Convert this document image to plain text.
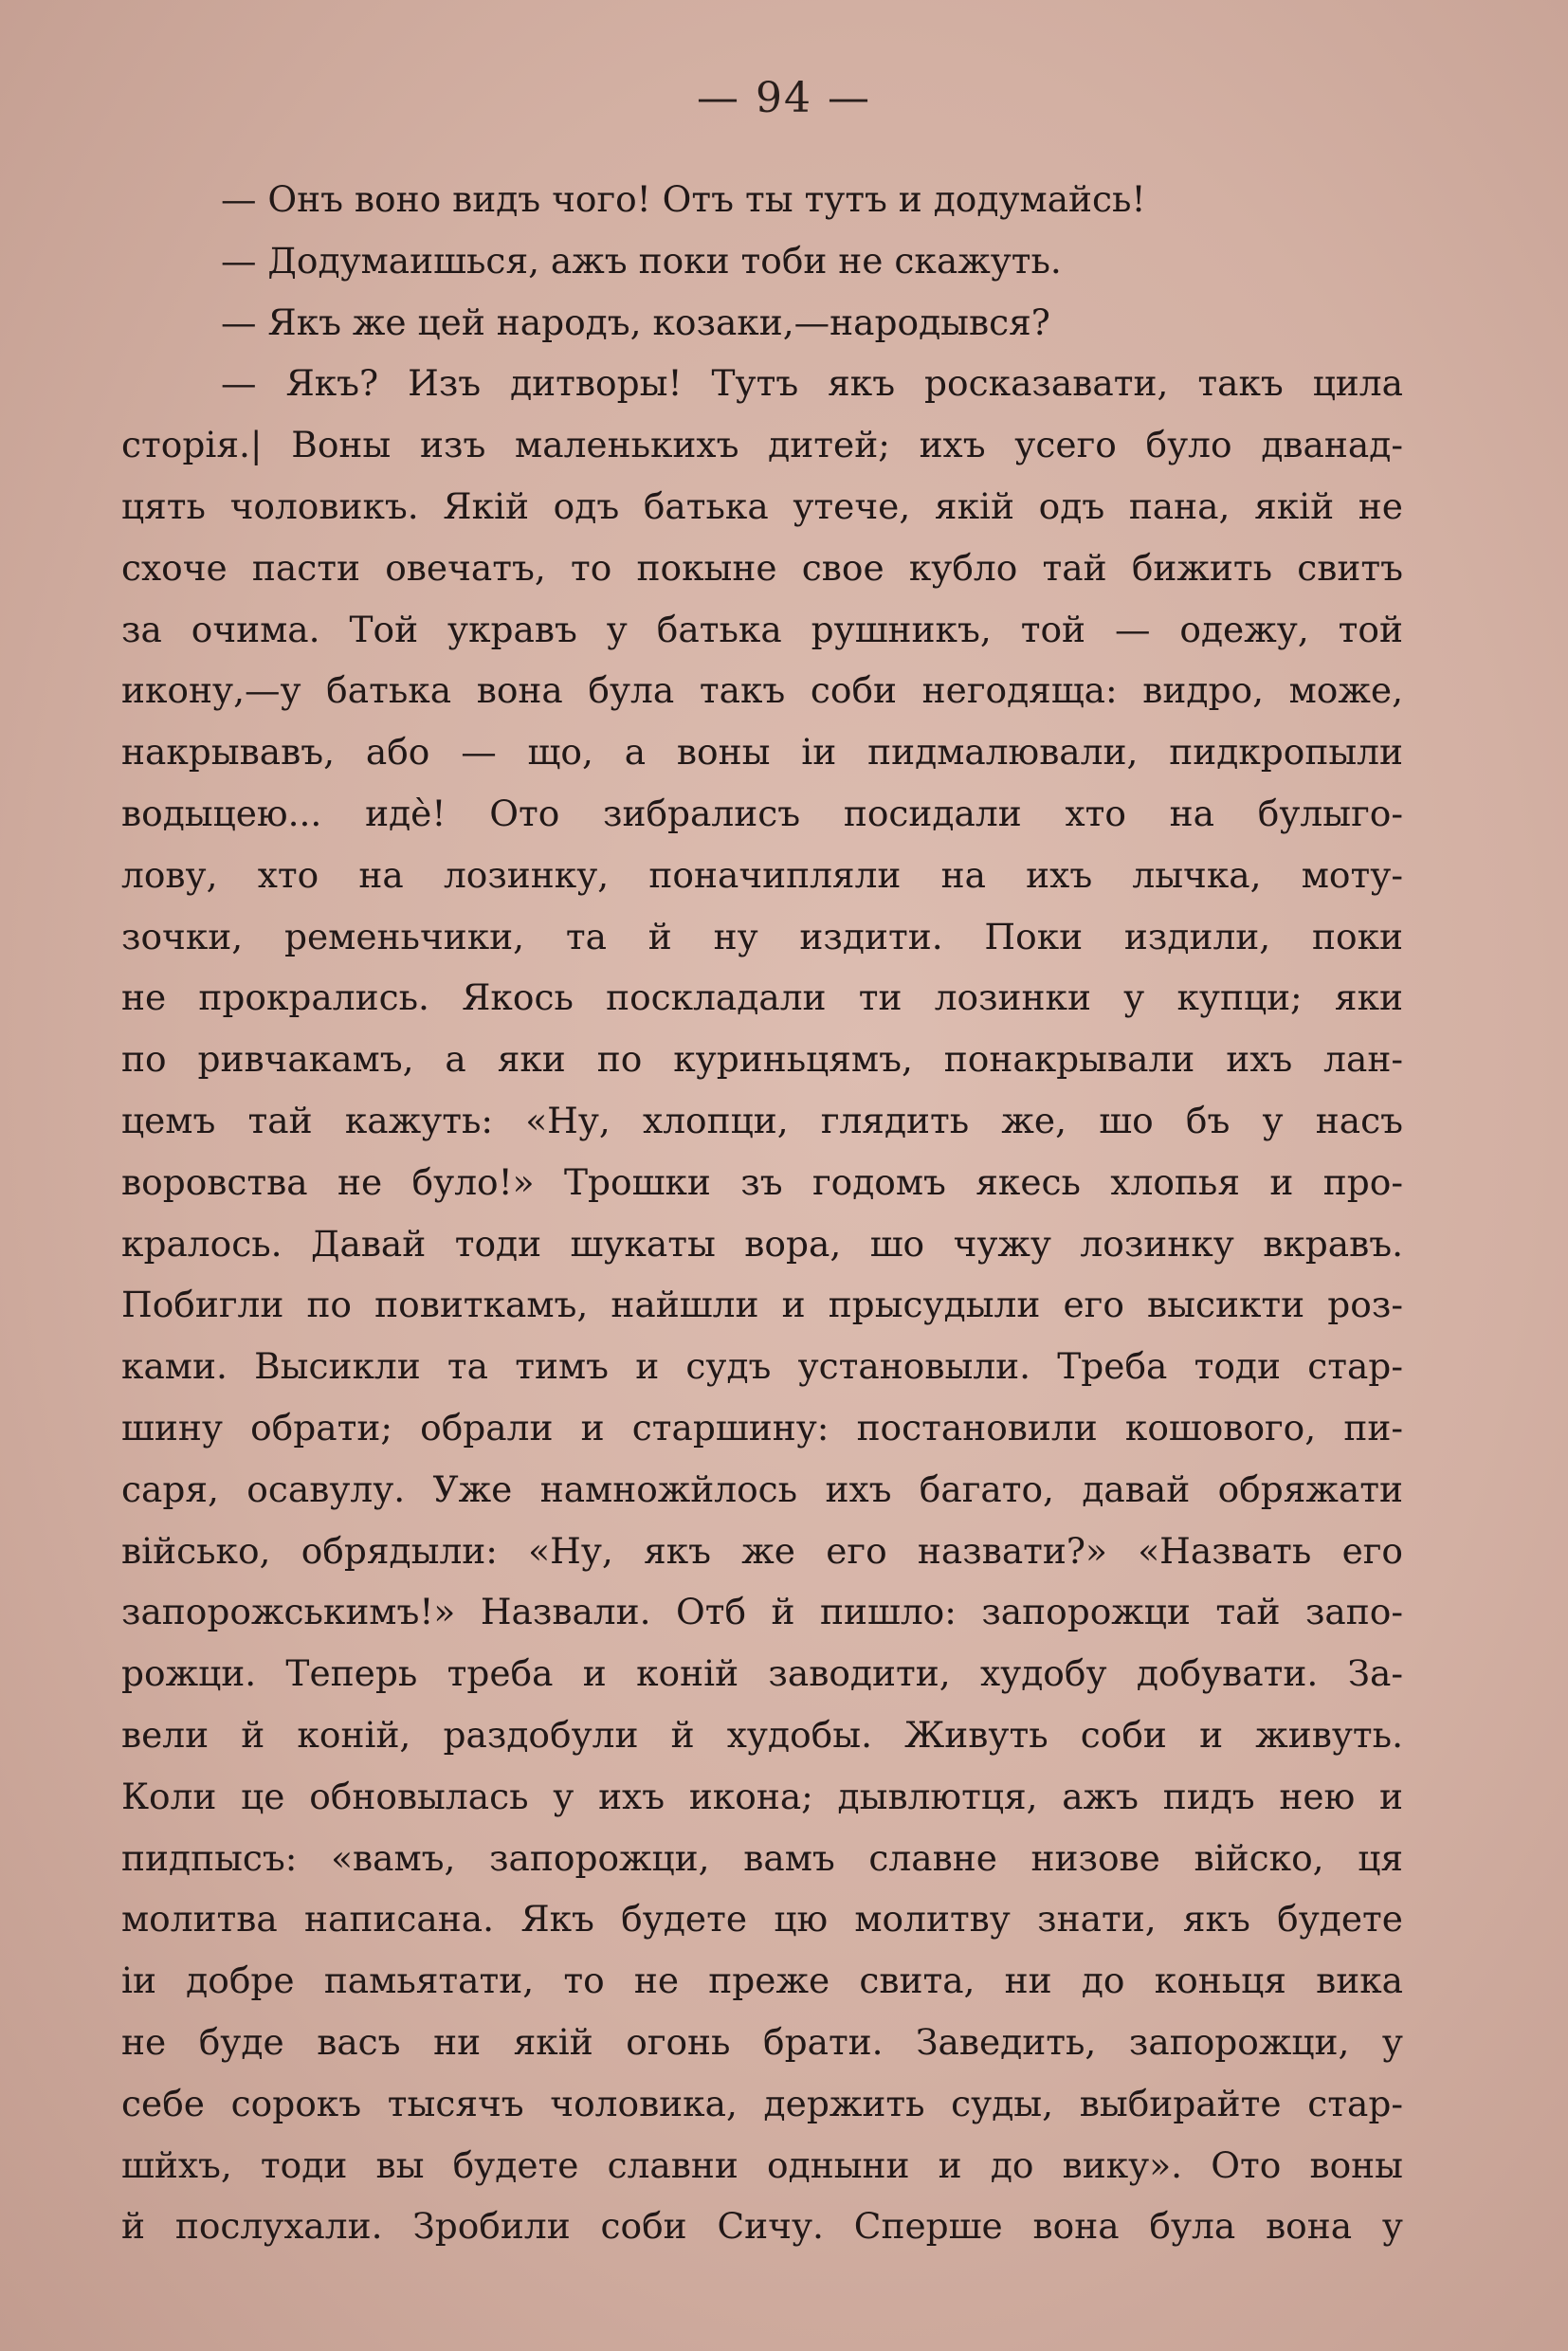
— 94 —
— Онъ воно видъ чого! Отъ ты тутъ и додумайсь!
— Додумаишься, ажъ поки тоби не скажуть.
— Якъ же цей народъ, козаки,—народывся?
— Якъ? Изъ дитворы! Тутъ якъ росказавати, такъ цила
сторія.| Воны изъ маленькихъ дитей; ихъ усего було дванад-
цять чоловикъ. Якій одъ батька утече, якій одъ пана, якій не
схоче пасти овечатъ, то покыне свое кубло тай бижить свитъ
за очима. Той укравъ у батька рушникъ, той — одежу, той
икону,—у батька вона була такъ соби негодяща: видро, може,
накрывавъ, або — що, а воны іи пидмалювали, пидкропыли
водыцею... идѐ! Ото зибралисъ посидали хто на булыго-
лову, хто на лозинку, поначипляли на ихъ лычка, моту-
зочки, ременьчики, та й ну издити. Поки издили, поки
не прокрались. Якось поскладали ти лозинки у купци; яки
по ривчакамъ, а яки по куриньцямъ, понакрывали ихъ лан-
цемъ тай кажуть: «Ну, хлопци, глядить же, шо бъ у насъ
воровства не було!» Трошки зъ годомъ якесь хлопья и про-
кралось. Давай тоди шукаты вора, шо чужу лозинку вкравъ.
Побигли по повиткамъ, найшли и прысудыли его высикти роз-
ками. Высикли та тимъ и судъ установыли. Треба тоди стар-
шину обрати; обрали и старшину: постановили кошового, пи-
саря, осавулу. Уже намножйлось ихъ багато, давай обряжати
вiйсько, обрядыли: «Ну, якъ же его назвати?» «Назвать его
запорожськимъ!» Назвали. Отб й пишло: запорожци тай запо-
рожци. Теперь треба и коній заводити, худобу добувати. За-
вели й коній, раздобули й худобы. Живуть соби и живуть.
Коли це обновылась у ихъ икона; дывлютця, ажъ пидъ нею и
пидпысъ: «вамъ, запорожци, вамъ славне низове вiйско, ця
молитва написана. Якъ будете цю молитву знати, якъ будете
іи добре памьятати, то не преже свита, ни до коньця вика
не буде васъ ни якій огонь брати. Заведить, запорожци, у
себе сорокъ тысячъ чоловика, держить суды, выбирайте стар-
шйхъ, тоди вы будете славни одныни и до вику». Ото воны
й послухали. Зробили соби Сичу. Сперше вона була вона у
